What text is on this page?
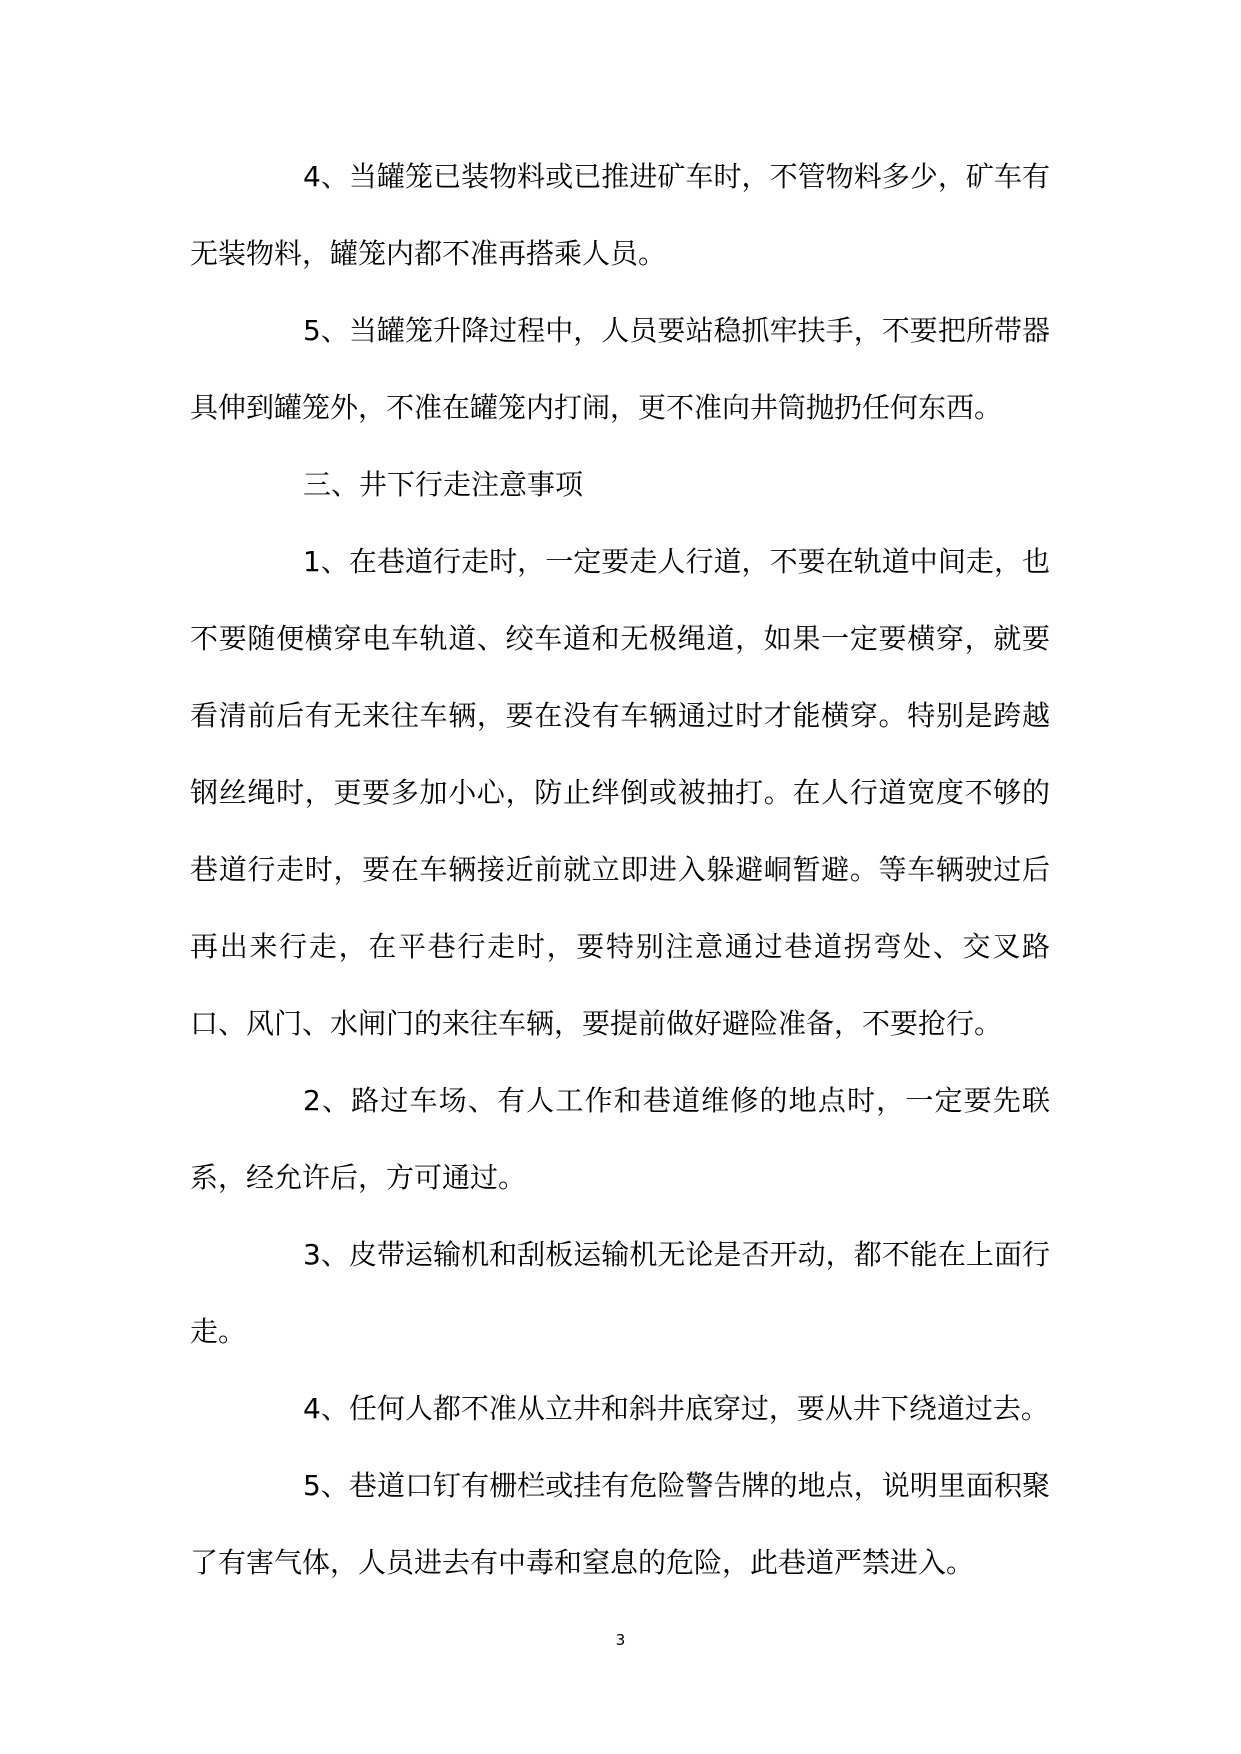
4、当罐笼已装物料或已推进矿车时，不管物料多少，矿车有无装物料，罐笼内都不准再搭乘人员。

5、当罐笼升降过程中，人员要站稳抓牢扶手，不要把所带器具伸到罐笼外，不准在罐笼内打闹，更不准向井筒抛扔任何东西。

三、井下行走注意事项

1、在巷道行走时，一定要走人行道，不要在轨道中间走，也不要随便横穿电车轨道、绞车道和无极绳道，如果一定要横穿，就要看清前后有无来往车辆，要在没有车辆通过时才能横穿。特别是跨越钢丝绳时，更要多加小心，防止绊倒或被抽打。在人行道宽度不够的巷道行走时，要在车辆接近前就立即进入躲避峒暂避。等车辆驶过后再出来行走，在平巷行走时，要特别注意通过巷道拐弯处、交叉路口、风门、水闸门的来往车辆，要提前做好避险准备，不要抢行。

2、路过车场、有人工作和巷道维修的地点时，一定要先联系，经允许后，方可通过。

3、皮带运输机和刮板运输机无论是否开动，都不能在上面行走。

4、任何人都不准从立井和斜井底穿过，要从井下绕道过去。

5、巷道口钉有栅栏或挂有危险警告牌的地点，说明里面积聚了有害气体，人员进去有中毒和窒息的危险，此巷道严禁进入。

3
